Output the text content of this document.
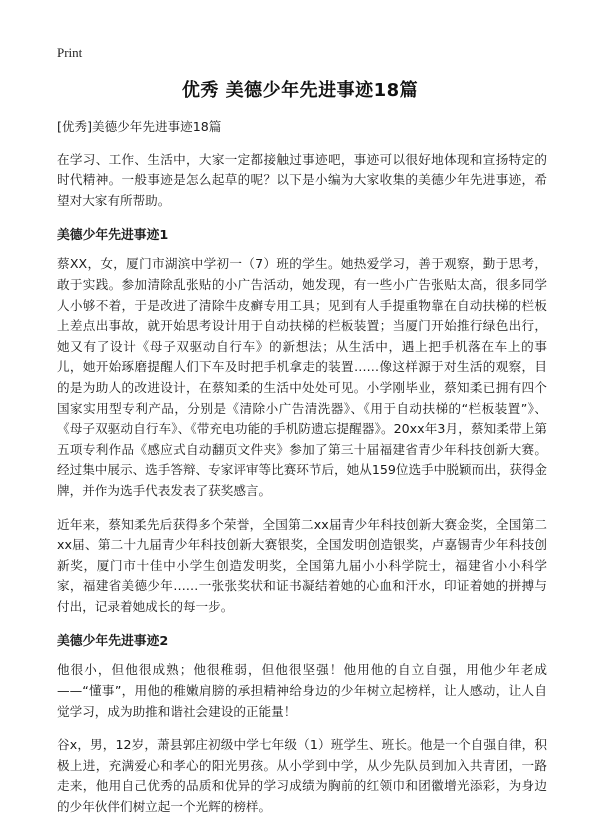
Print
优秀 美德少年先进事迹18篇

[优秀]美德少年先进事迹18篇

在学习、工作、生活中，大家一定都接触过事迹吧，事迹可以很好地体现和宣扬特定的时代精神。一般事迹是怎么起草的呢？以下是小编为大家收集的美德少年先进事迹，希望对大家有所帮助。

美德少年先进事迹1

蔡XX，女，厦门市湖滨中学初一（7）班的学生。她热爱学习，善于观察，勤于思考，敢于实践。参加清除乱张贴的小广告活动，她发现，有一些小广告张贴太高，很多同学人小够不着，于是改进了清除牛皮癣专用工具；见到有人手提重物靠在自动扶梯的栏板上差点出事故，就开始思考设计用于自动扶梯的栏板装置；当厦门开始推行绿色出行，她又有了设计《母子双驱动自行车》的新想法；从生活中，遇上把手机落在车上的事儿，她开始琢磨提醒人们下车及时把手机拿走的装置……像这样源于对生活的观察，目的是为助人的改进设计，在蔡知柔的生活中处处可见。小学刚毕业，蔡知柔已拥有四个国家实用型专利产品，分别是《清除小广告清洗器》、《用于自动扶梯的“栏板装置”》、《母子双驱动自行车》、《带充电功能的手机防遗忘提醒器》。20xx年3月，蔡知柔带上第五项专利作品《感应式自动翻页文件夹》参加了第三十届福建省青少年科技创新大赛。经过集中展示、选手答辩、专家评审等比赛环节后，她从159位选手中脱颖而出，获得金牌，并作为选手代表发表了获奖感言。

近年来，蔡知柔先后获得多个荣誉，全国第二xx届青少年科技创新大赛金奖，全国第二xx届、第二十九届青少年科技创新大赛银奖，全国发明创造银奖，卢嘉锡青少年科技创新奖，厦门市十佳中小学生创造发明奖，全国第九届小小科学院士，福建省小小科学家，福建省美德少年……一张张奖状和证书凝结着她的心血和汗水，印证着她的拼搏与付出，记录着她成长的每一步。

美德少年先进事迹2

他很小，但他很成熟；他很稚弱，但他很坚强！他用他的自立自强，用他少年老成——“懂事”，用他的稚嫩肩膀的承担精神给身边的少年树立起榜样，让人感动，让人自觉学习，成为助推和谐社会建设的正能量！

谷x，男，12岁，萧县郭庄初级中学七年级（1）班学生、班长。他是一个自强自律，积极上进，充满爱心和孝心的阳光男孩。从小学到中学，从少先队员到加入共青团，一路走来，他用自己优秀的品质和优异的学习成绩为胸前的红领巾和团徽增光添彩，为身边的少年伙伴们树立起一个光辉的榜样。
